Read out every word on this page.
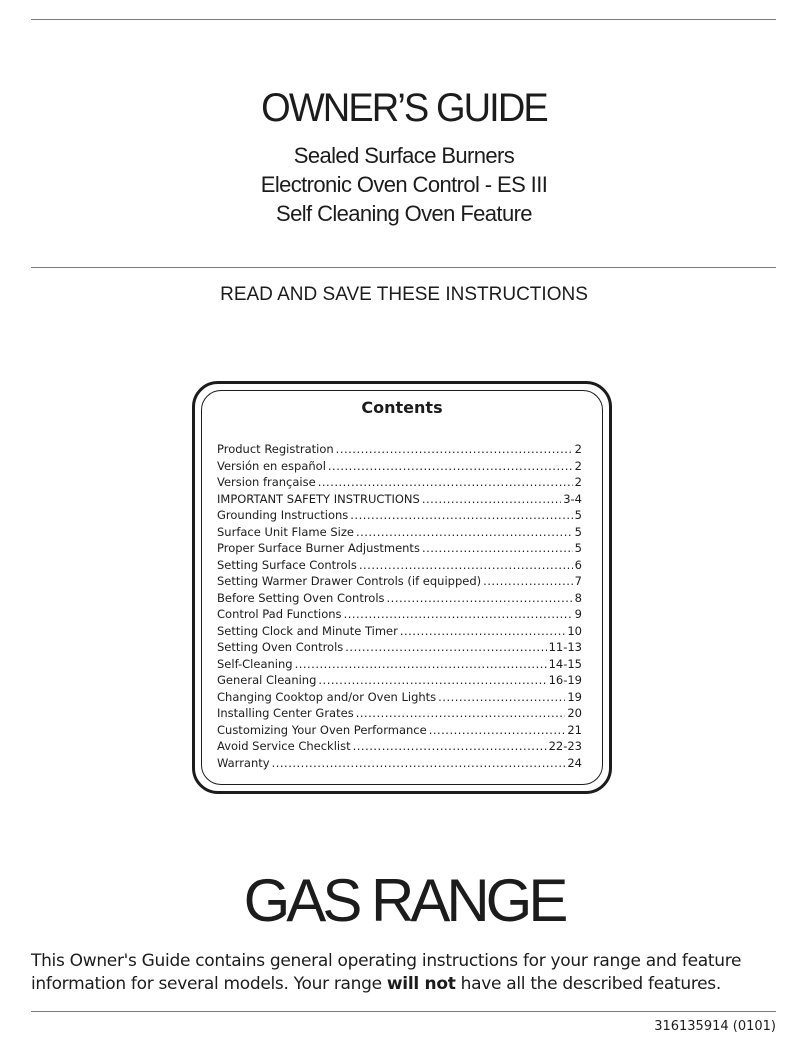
OWNER’S GUIDE
Sealed Surface Burners
Electronic Oven Control - ES III
Self Cleaning Oven Feature
READ AND SAVE THESE INSTRUCTIONS
Contents
Product Registration .....	2
Versión en español .....	2
Version française .....	2
IMPORTANT SAFETY INSTRUCTIONS .....	3-4
Grounding Instructions .....	5
Surface Unit Flame Size .....	5
Proper Surface Burner Adjustments .....	5
Setting Surface Controls .....	6
Setting Warmer Drawer Controls (if equipped) .....	7
Before Setting Oven Controls .....	8
Control Pad Functions .....	9
Setting Clock and Minute Timer .....	10
Setting Oven Controls .....	11-13
Self-Cleaning .....	14-15
General Cleaning .....	16-19
Changing Cooktop and/or Oven Lights .....	19
Installing Center Grates .....	20
Customizing Your Oven Performance .....	21
Avoid Service Checklist .....	22-23
Warranty .....	24
GAS RANGE
This Owner's Guide contains general operating instructions for your range and feature information for several models. Your range will not have all the described features.
316135914 (0101)
